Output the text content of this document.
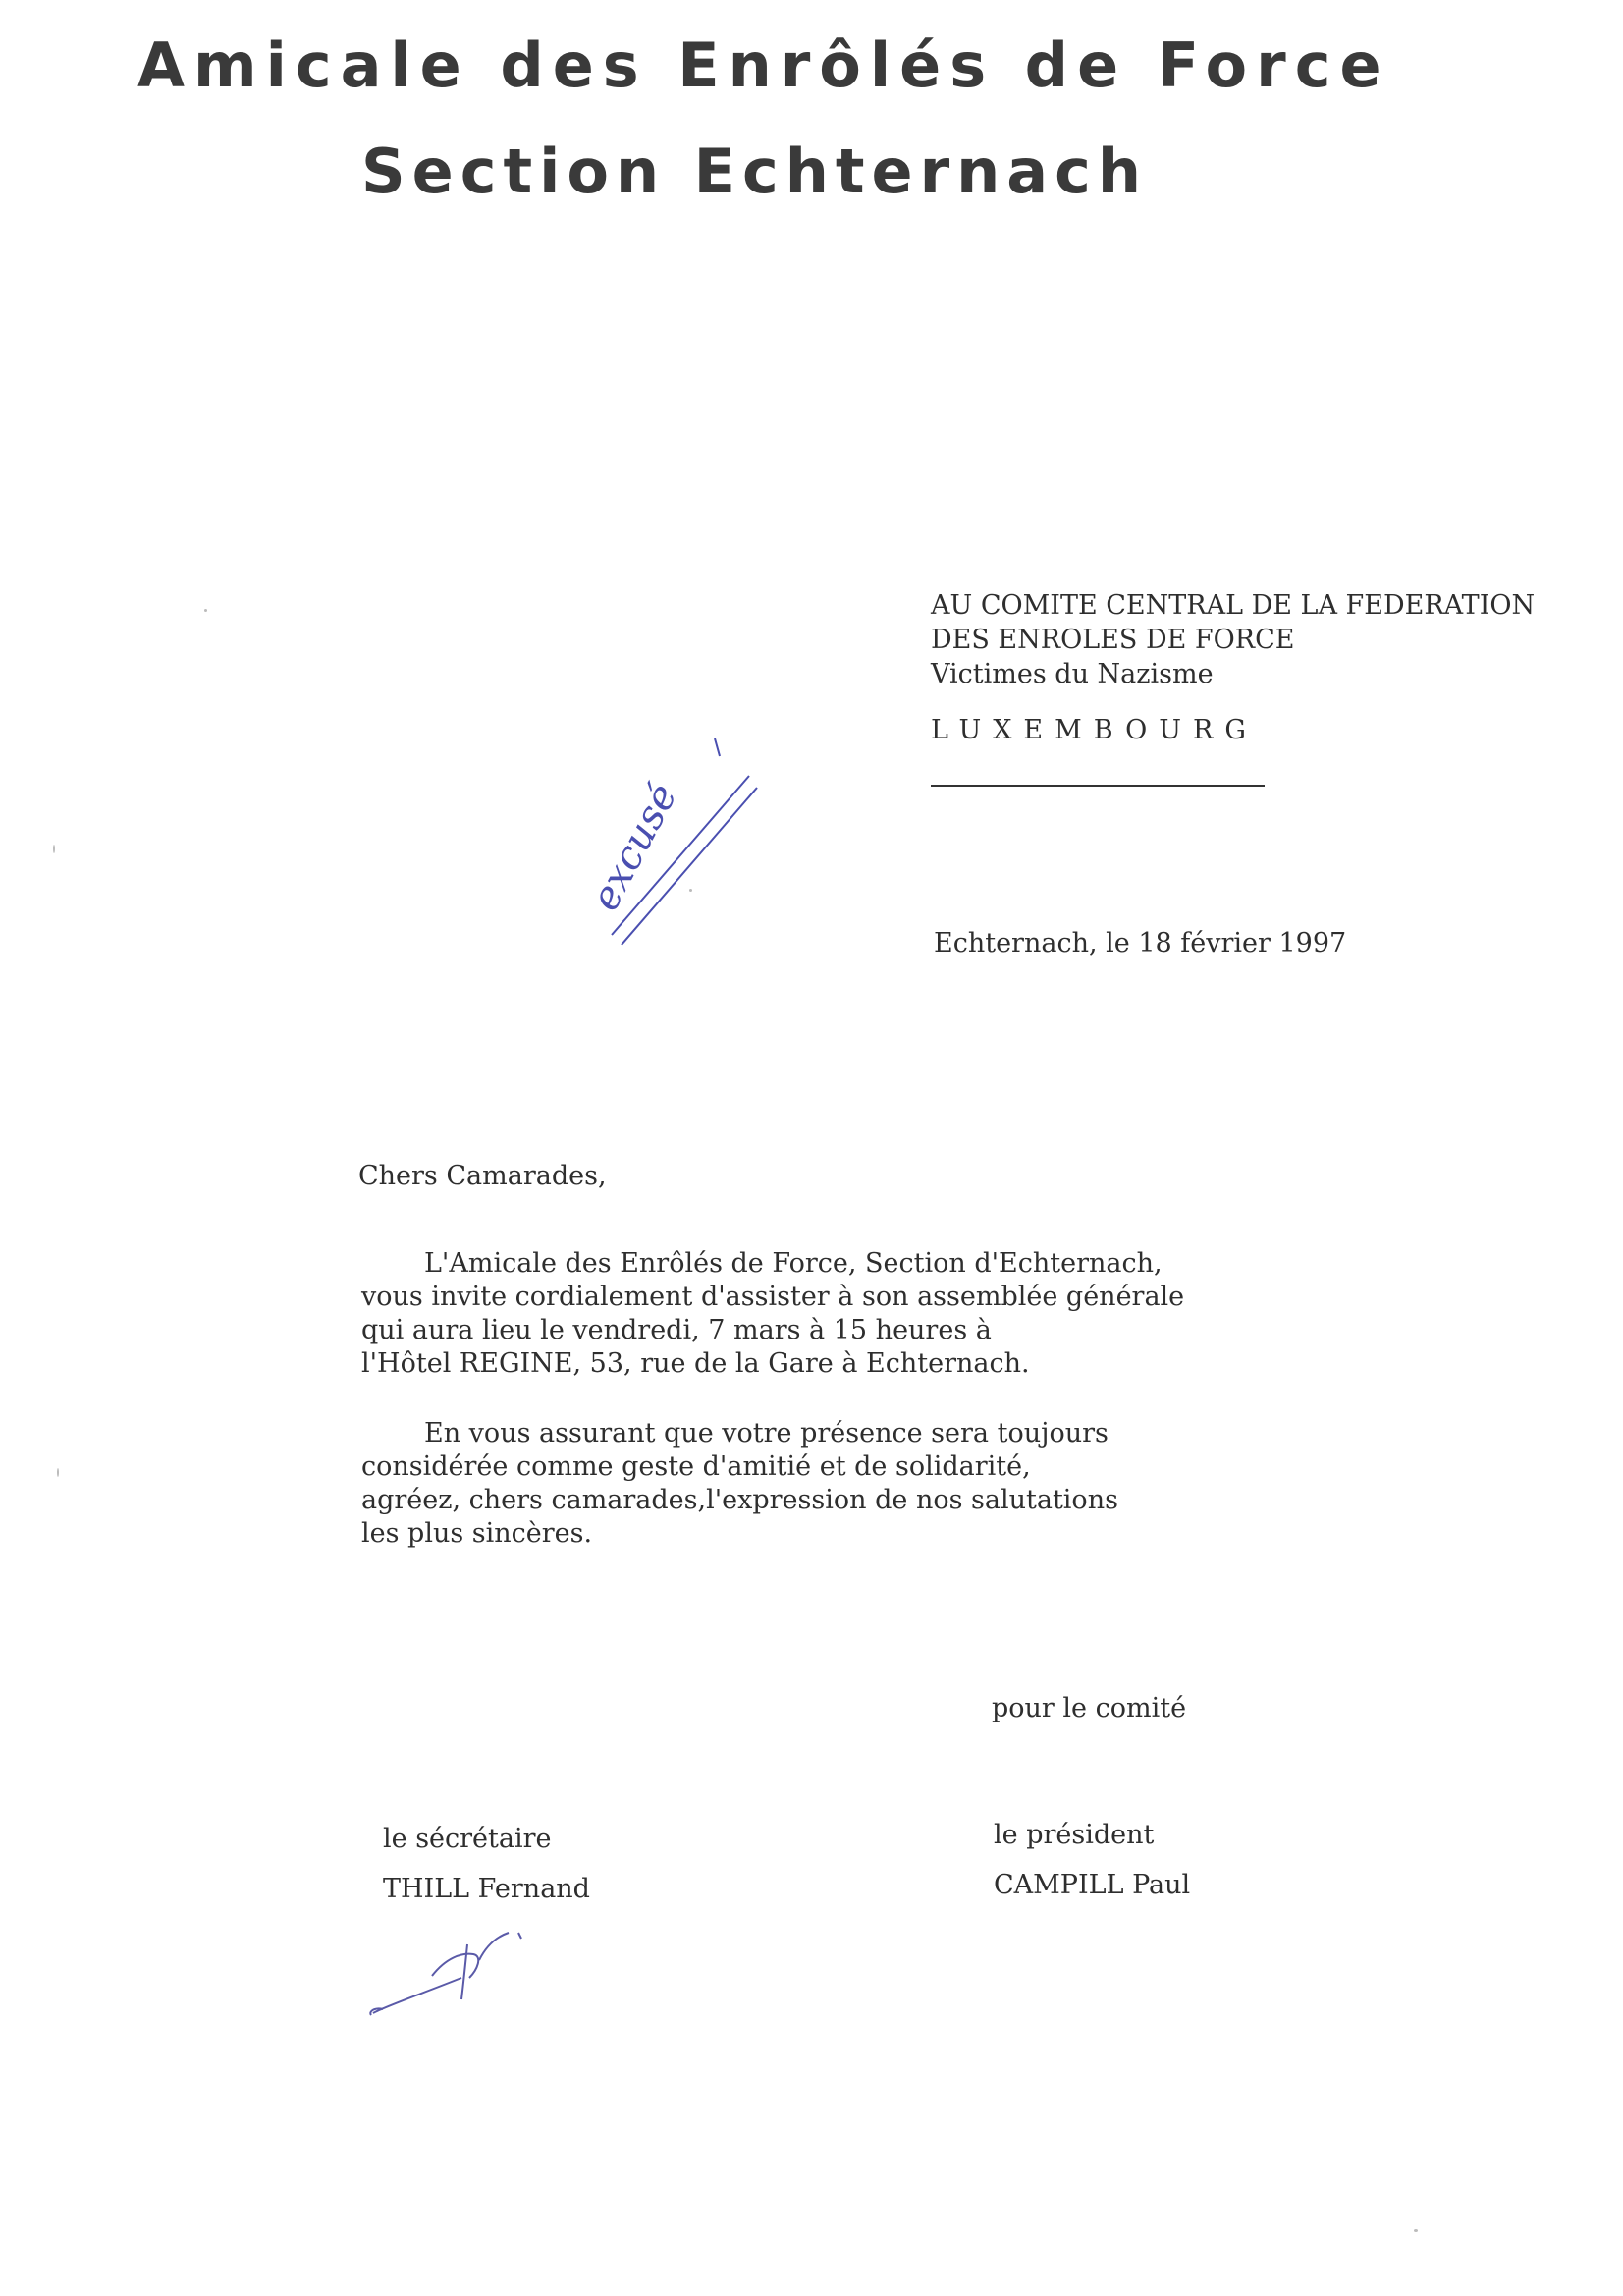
Amicale des Enrôlés de Force
Section Echternach
AU COMITE CENTRAL DE LA FEDERATION
DES ENROLES DE FORCE
Victimes du Nazisme
LUXEMBOURG
excusé
Echternach, le 18 février 1997
Chers Camarades,
L'Amicale des Enrôlés de Force, Section d'Echternach,
vous invite cordialement d'assister à son assemblée générale
qui aura lieu le vendredi, 7 mars à 15 heures à
l'Hôtel REGINE, 53, rue de la Gare à Echternach.
En vous assurant que votre présence sera toujours
considérée comme geste d'amitié et de solidarité,
agréez, chers camarades,l'expression de nos salutations
les plus sincères.
pour le comité
le sécrétaire
THILL Fernand
le président
CAMPILL Paul
